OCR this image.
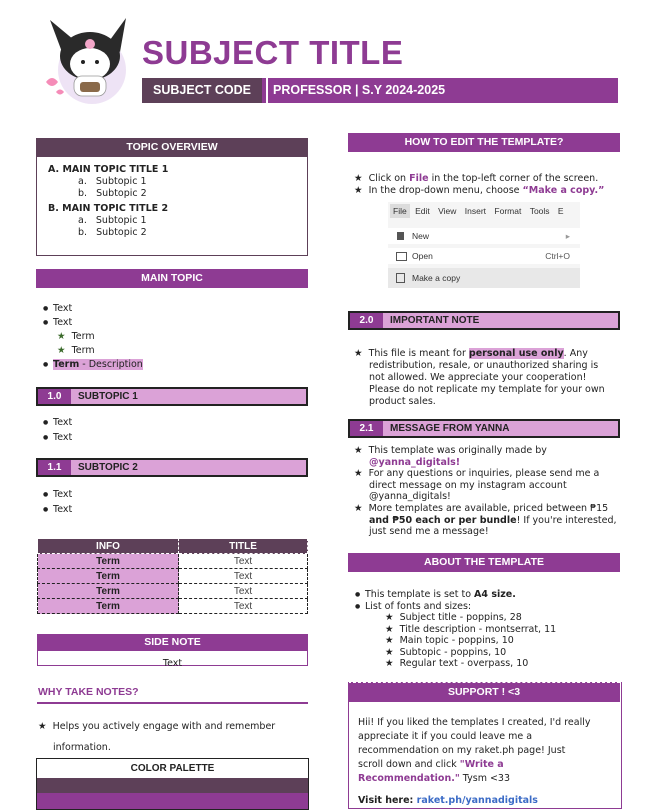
SUBJECT TITLE
SUBJECT CODE	PROFESSOR | S.Y 2024-2025
TOPIC OVERVIEW
A. MAIN TOPIC TITLE 1
a. Subtopic 1
b. Subtopic 2
B. MAIN TOPIC TITLE 2
a. Subtopic 1
b. Subtopic 2
MAIN TOPIC
● Text
● Text
★ Term
★ Term
● Term - Description
1.0	SUBTOPIC 1
● Text
● Text
1.1	SUBTOPIC 2
● Text
● Text
INFO	TITLE
Term	Text
Term	Text
Term	Text
Term	Text
SIDE NOTE
Text
WHY TAKE NOTES?
★ Helps you actively engage with and remember
information.
COLOR PALETTE
HOW TO EDIT THE TEMPLATE?
★ Click on File in the top-left corner of the screen.
★ In the drop-down menu, choose “Make a copy.”
File Edit View Insert Format Tools E
New	▸
Open	Ctrl+O
Make a copy
2.0	IMPORTANT NOTE
★ This file is meant for personal use only. Any
redistribution, resale, or unauthorized sharing is
not allowed. We appreciate your cooperation!
Please do not replicate my template for your own
product sales.
2.1	MESSAGE FROM YANNA
★ This template was originally made by
@yanna_digitals!
★ For any questions or inquiries, please send me a
direct message on my instagram account
@yanna_digitals!
★ More templates are available, priced between ₱15
and ₱50 each or per bundle! If you're interested,
just send me a message!
ABOUT THE TEMPLATE
● This template is set to A4 size.
● List of fonts and sizes:
★ Subject title - poppins, 28
★ Title description - montserrat, 11
★ Main topic - poppins, 10
★ Subtopic - poppins, 10
★ Regular text - overpass, 10
SUPPORT ! <3
Hii! If you liked the templates I created, I'd really
appreciate it if you could leave me a
recommendation on my raket.ph page! Just
scroll down and click "Write a
Recommendation." Tysm <33
Visit here: raket.ph/yannadigitals
